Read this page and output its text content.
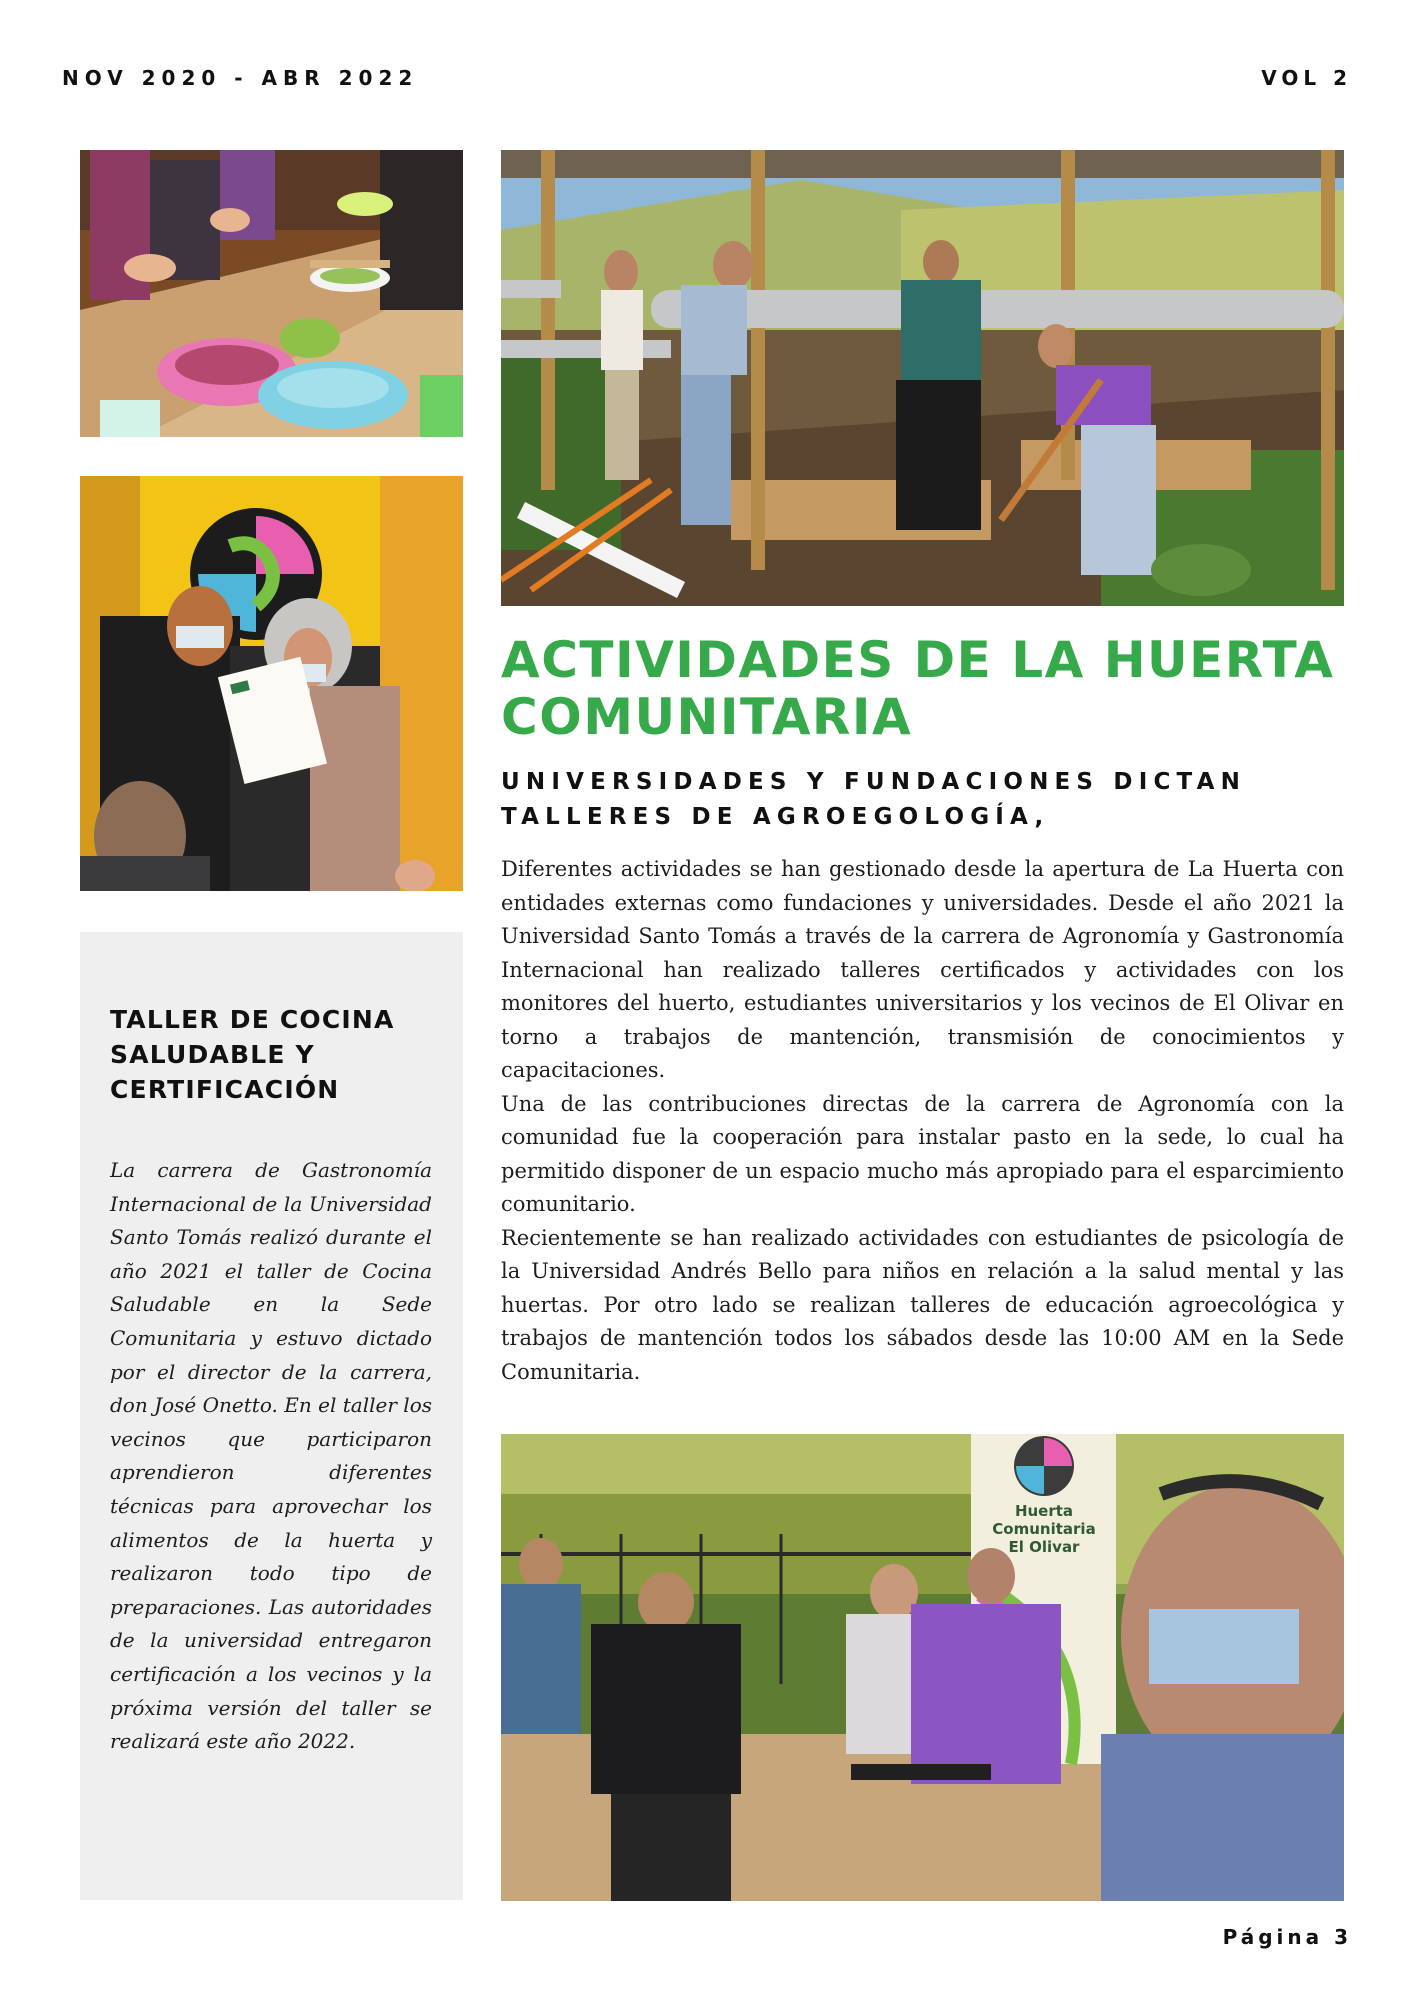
NOV 2020 - ABR 2022	VOL 2
ACTIVIDADES DE LA HUERTA COMUNITARIA
UNIVERSIDADES Y FUNDACIONES DICTAN TALLERES DE AGROEGOLOGÍA,

Diferentes actividades se han gestionado desde la apertura de La Huerta con entidades externas como fundaciones y universidades. Desde el año 2021 la Universidad Santo Tomás a través de la carrera de Agronomía y Gastronomía Internacional han realizado talleres certificados y actividades con los monitores del huerto, estudiantes universitarios y los vecinos de El Olivar en torno a trabajos de mantención, transmisión de conocimientos y capacitaciones.

Una de las contribuciones directas de la carrera de Agronomía con la comunidad fue la cooperación para instalar pasto en la sede, lo cual ha permitido disponer de un espacio mucho más apropiado para el esparcimiento comunitario.

Recientemente se han realizado actividades con estudiantes de psicología de la Universidad Andrés Bello para niños en relación a la salud mental y las huertas. Por otro lado se realizan talleres de educación agroecológica y trabajos de mantención todos los sábados desde las 10:00 AM en la Sede Comunitaria.

TALLER DE COCINA SALUDABLE Y CERTIFICACIÓN

La carrera de Gastronomía Internacional de la Universidad Santo Tomás realizó durante el año 2021 el taller de Cocina Saludable en la Sede Comunitaria y estuvo dictado por el director de la carrera, don José Onetto. En el taller los vecinos que participaron aprendieron diferentes técnicas para aprovechar los alimentos de la huerta y realizaron todo tipo de preparaciones. Las autoridades de la universidad entregaron certificación a los vecinos y la próxima versión del taller se realizará este año 2022.

Huerta
Comunitaria
El Olivar
Página 3
